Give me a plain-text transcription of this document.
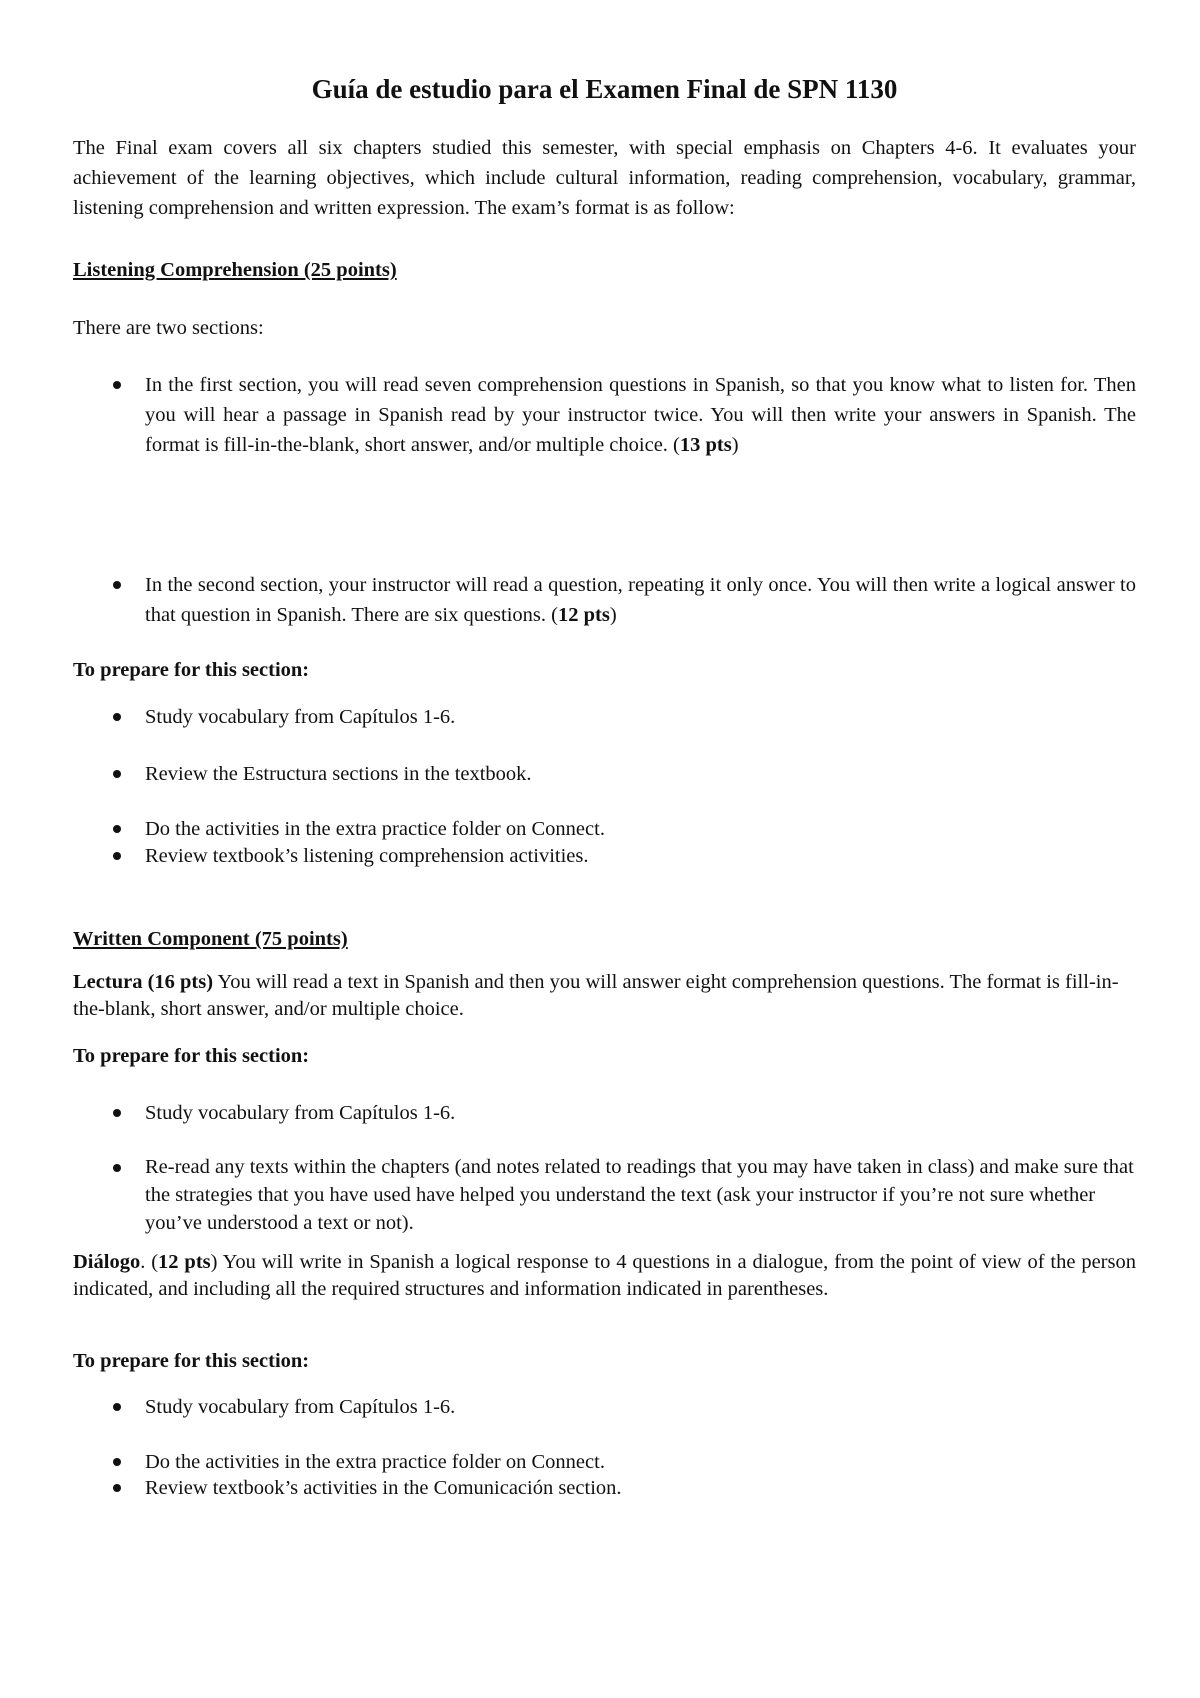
Guía de estudio para el Examen Final de SPN 1130

The Final exam covers all six chapters studied this semester, with special emphasis on Chapters 4-6. It evaluates your achievement of the learning objectives, which include cultural information, reading comprehension, vocabulary, grammar, listening comprehension and written expression. The exam’s format is as follow:

Listening Comprehension (25 points)

There are two sections:

In the first section, you will read seven comprehension questions in Spanish, so that you know what to listen for. Then you will hear a passage in Spanish read by your instructor twice. You will then write your answers in Spanish. The format is fill-in-the-blank, short answer, and/or multiple choice. (13 pts)

In the second section, your instructor will read a question, repeating it only once. You will then write a logical answer to that question in Spanish. There are six questions. (12 pts)

To prepare for this section:

Study vocabulary from Capítulos 1-6.

Review the Estructura sections in the textbook.

Do the activities in the extra practice folder on Connect.

Review textbook’s listening comprehension activities.

Written Component (75 points)

Lectura (16 pts) You will read a text in Spanish and then you will answer eight comprehension questions. The format is fill-in-the-blank, short answer, and/or multiple choice.

To prepare for this section:

Study vocabulary from Capítulos 1-6.

Re-read any texts within the chapters (and notes related to readings that you may have taken in class) and make sure that the strategies that you have used have helped you understand the text (ask your instructor if you’re not sure whether you’ve understood a text or not).

Diálogo. (12 pts) You will write in Spanish a logical response to 4 questions in a dialogue, from the point of view of the person indicated, and including all the required structures and information indicated in parentheses.

To prepare for this section:

Study vocabulary from Capítulos 1-6.

Do the activities in the extra practice folder on Connect.

Review textbook’s activities in the Comunicación section.
